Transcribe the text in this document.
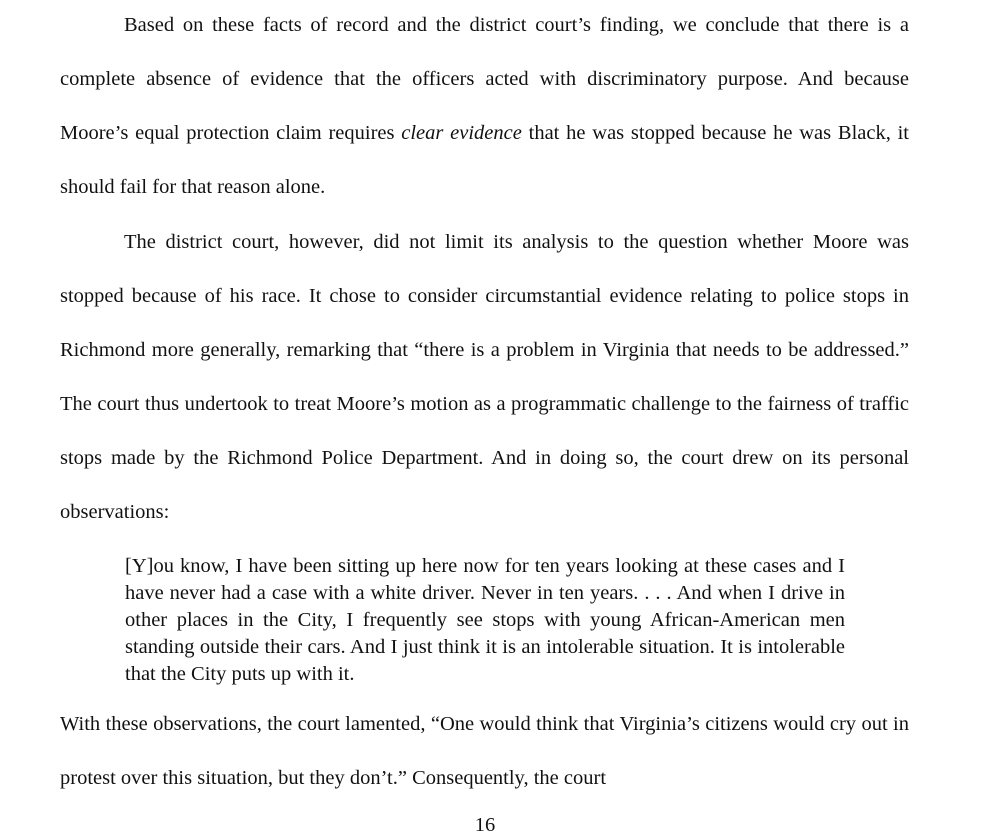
Based on these facts of record and the district court’s finding, we conclude that there is a complete absence of evidence that the officers acted with discriminatory purpose. And because Moore’s equal protection claim requires clear evidence that he was stopped because he was Black, it should fail for that reason alone.

The district court, however, did not limit its analysis to the question whether Moore was stopped because of his race. It chose to consider circumstantial evidence relating to police stops in Richmond more generally, remarking that “there is a problem in Virginia that needs to be addressed.” The court thus undertook to treat Moore’s motion as a programmatic challenge to the fairness of traffic stops made by the Richmond Police Department. And in doing so, the court drew on its personal observations:

[Y]ou know, I have been sitting up here now for ten years looking at these cases and I have never had a case with a white driver. Never in ten years. . . . And when I drive in other places in the City, I frequently see stops with young African-American men standing outside their cars. And I just think it is an intolerable situation. It is intolerable that the City puts up with it.

With these observations, the court lamented, “One would think that Virginia’s citizens would cry out in protest over this situation, but they don’t.” Consequently, the court

16
